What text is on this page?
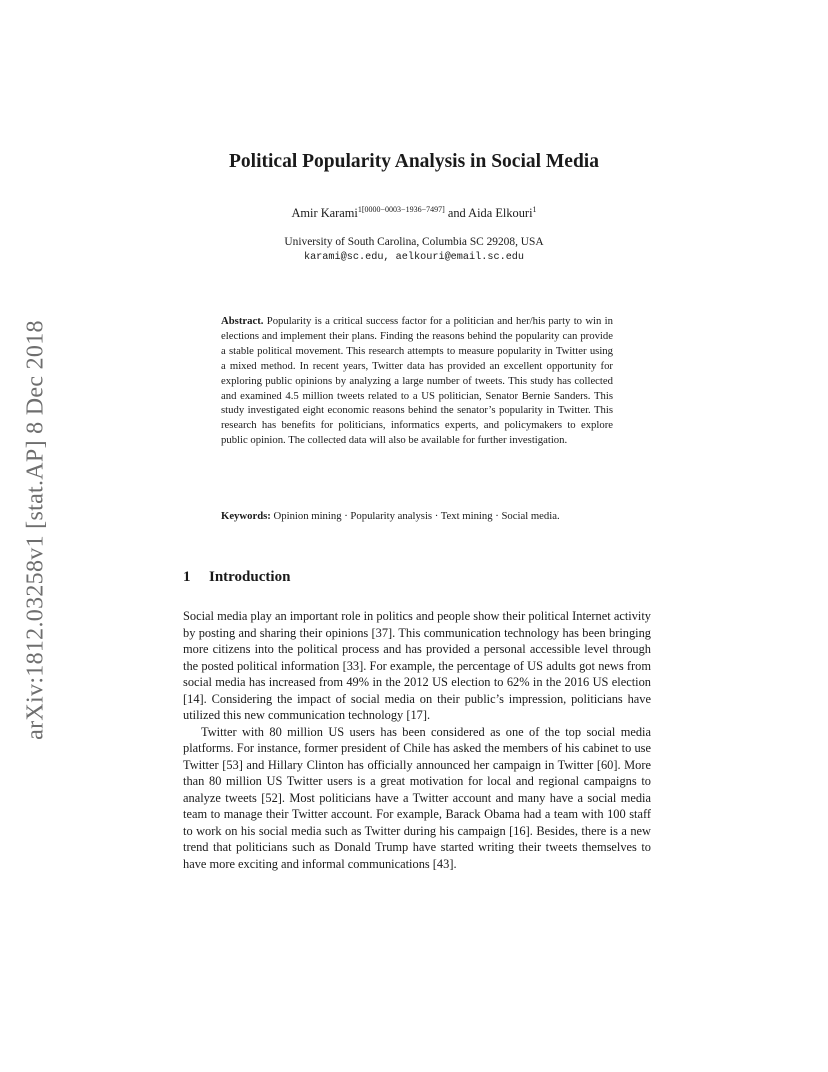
arXiv:1812.03258v1 [stat.AP] 8 Dec 2018
Political Popularity Analysis in Social Media
Amir Karami$^{1[0000-0003-1936-7497]}$ and Aida Elkouri$^1$
University of South Carolina, Columbia SC 29208, USA
karami@sc.edu, aelkouri@email.sc.edu
Abstract. Popularity is a critical success factor for a politician and her/his party to win in elections and implement their plans. Finding the reasons behind the popularity can provide a stable political movement. This research attempts to measure popularity in Twitter using a mixed method. In recent years, Twitter data has provided an excellent opportunity for exploring public opinions by analyzing a large number of tweets. This study has collected and examined 4.5 million tweets related to a US politician, Senator Bernie Sanders. This study investigated eight economic reasons behind the senator’s popularity in Twitter. This research has benefits for politicians, informatics experts, and policymakers to explore public opinion. The collected data will also be available for further investigation.
Keywords: Opinion mining · Popularity analysis · Text mining · Social media.
1 Introduction

Social media play an important role in politics and people show their political Internet activity by posting and sharing their opinions [37]. This communication technology has been bringing more citizens into the political process and has provided a personal accessible level through the posted political information [33]. For example, the percentage of US adults got news from social media has increased from 49% in the 2012 US election to 62% in the 2016 US election [14]. Considering the impact of social media on their public’s impression, politicians have utilized this new communication technology [17].

Twitter with 80 million US users has been considered as one of the top social media platforms. For instance, former president of Chile has asked the members of his cabinet to use Twitter [53] and Hillary Clinton has officially announced her campaign in Twitter [60]. More than 80 million US Twitter users is a great motivation for local and regional campaigns to analyze tweets [52]. Most politicians have a Twitter account and many have a social media team to manage their Twitter account. For example, Barack Obama had a team with 100 staff to work on his social media such as Twitter during his campaign [16]. Besides, there is a new trend that politicians such as Donald Trump have started writing their tweets themselves to have more exciting and informal communications [43].
